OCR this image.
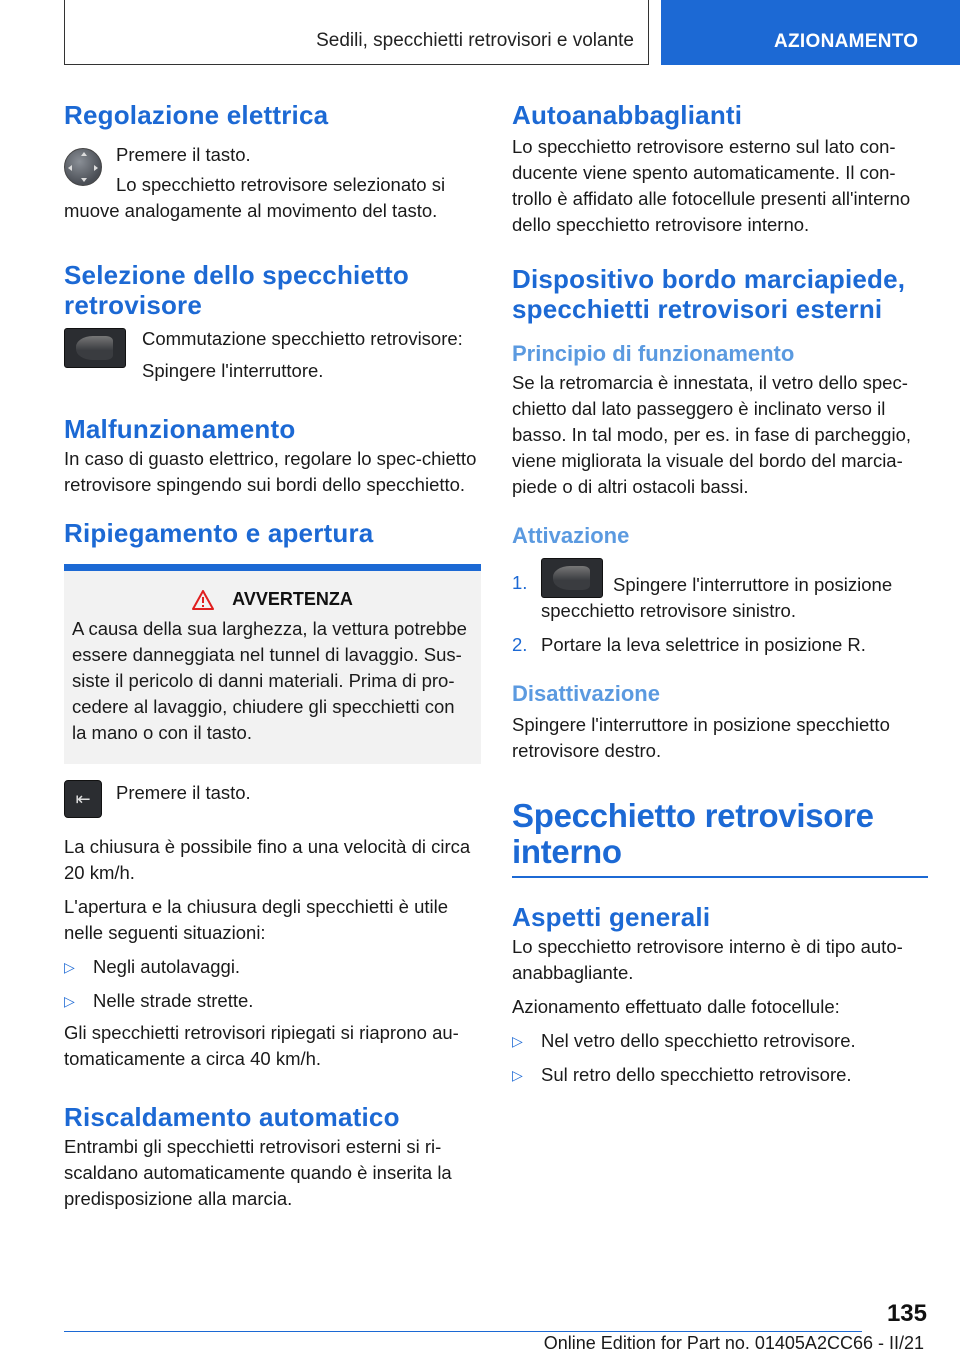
Sedili, specchietti retrovisori e volante	AZIONAMENTO
Regolazione elettrica

Premere il tasto.

Lo specchietto retrovisore selezionato si

muove analogamente al movimento del tasto.

Selezione dello specchietto
retrovisore

Commutazione specchietto retrovisore:

Spingere l'interruttore.

Malfunzionamento

In caso di guasto elettrico, regolare lo spec-chietto retrovisore spingendo sui bordi dello specchietto.

Ripiegamento e apertura
AVVERTENZA

A causa della sua larghezza, la vettura potrebbe essere danneggiata nel tunnel di lavaggio. Sus-siste il pericolo di danni materiali. Prima di pro-cedere al lavaggio, chiudere gli specchietti con la mano o con il tasto.

⇤	Premere il tasto.

La chiusura è possibile fino a una velocità di circa 20 km/h.

L'apertura e la chiusura degli specchietti è utile nelle seguenti situazioni:

▷ Negli autolavaggi.
▷ Nelle strade strette.

Gli specchietti retrovisori ripiegati si riaprono au-tomaticamente a circa 40 km/h.

Riscaldamento automatico

Entrambi gli specchietti retrovisori esterni si ri-scaldano automaticamente quando è inserita la predisposizione alla marcia.

Autoanabbaglianti

Lo specchietto retrovisore esterno sul lato con-ducente viene spento automaticamente. Il con-trollo è affidato alle fotocellule presenti all'interno dello specchietto retrovisore interno.

Dispositivo bordo marciapiede,
specchietti retrovisori esterni
Principio di funzionamento

Se la retromarcia è innestata, il vetro dello spec-chietto dal lato passeggero è inclinato verso il basso. In tal modo, per es. in fase di parcheggio, viene migliorata la visuale del bordo del marcia-piede o di altri ostacoli bassi.

Attivazione
1.	Spingere l'interruttore in posizione
specchietto retrovisore sinistro.
2. Portare la leva selettrice in posizione R.
Disattivazione

Spingere l'interruttore in posizione specchietto retrovisore destro.

Specchietto retrovisore
interno
Aspetti generali

Lo specchietto retrovisore interno è di tipo auto-anabbagliante.

Azionamento effettuato dalle fotocellule:

▷ Nel vetro dello specchietto retrovisore.
▷ Sul retro dello specchietto retrovisore.
135
Online Edition for Part no. 01405A2CC66 - II/21
